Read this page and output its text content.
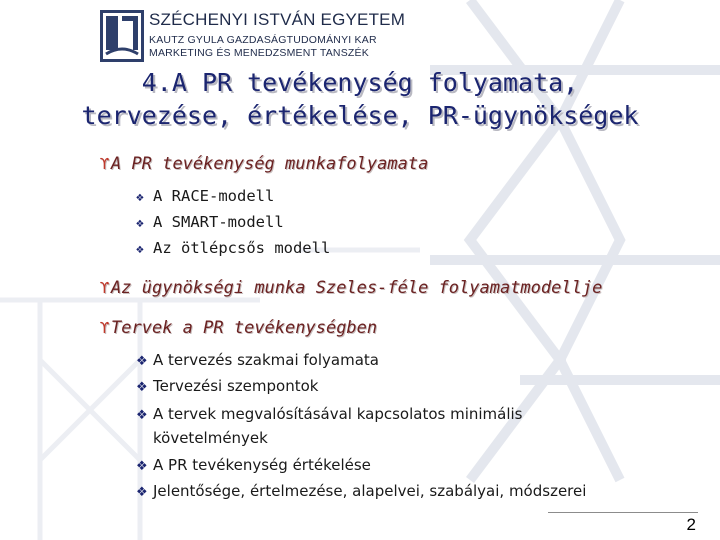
SZÉCHENYI ISTVÁN EGYETEM
KAUTZ GYULA GAZDASÁGTUDOMÁNYI KAR
MARKETING ÉS MENEDZSMENT TANSZÉK
4.A PR tevékenység folyamata,
tervezése, értékelése, PR-ügynökségek
ϒ A PR tevékenység munkafolyamata
❖ A RACE-modell
❖ A SMART-modell
❖ Az ötlépcsős modell
ϒ Az ügynökségi munka Szeles-féle folyamatmodellje
ϒ Tervek a PR tevékenységben
❖ A tervezés szakmai folyamata
❖ Tervezési szempontok
❖ A tervek megvalósításával kapcsolatos minimális
követelmények
❖ A PR tevékenység értékelése
❖ Jelentősége, értelmezése, alapelvei, szabályai, módszerei
2
